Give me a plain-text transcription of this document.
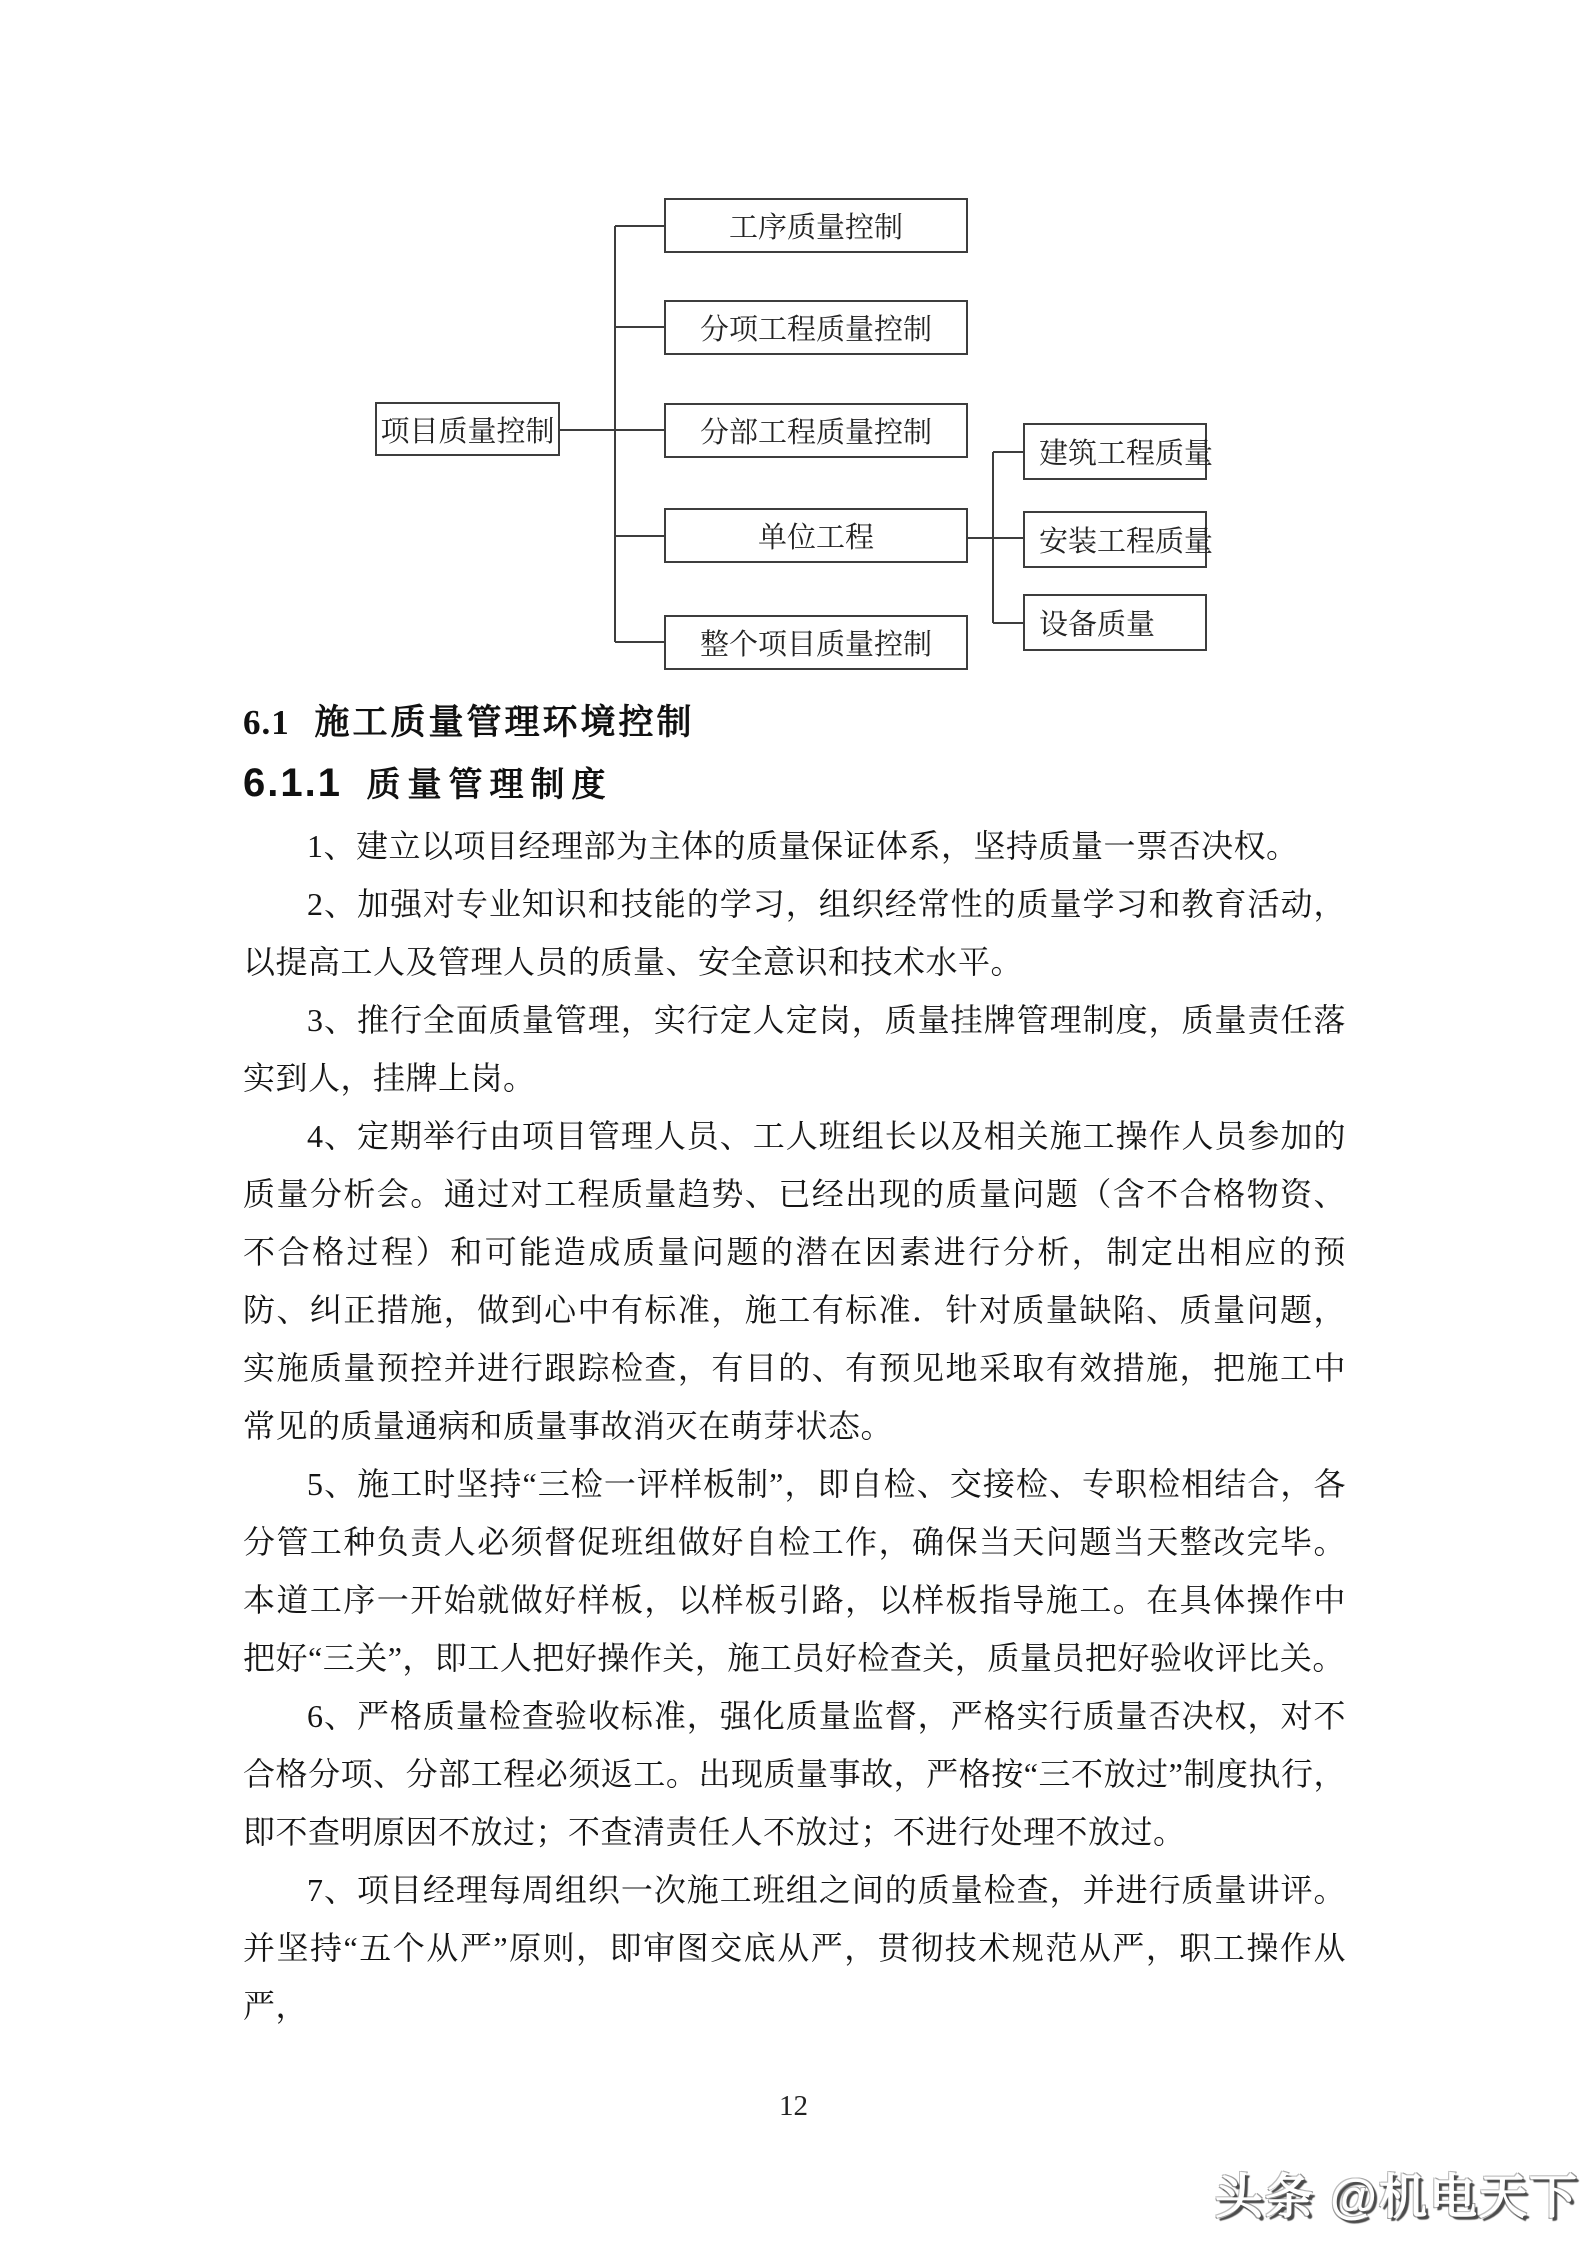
项目质量控制
工序质量控制
分项工程质量控制
分部工程质量控制
单位工程
整个项目质量控制
建筑工程质量
安装工程质量
设备质量
6.1 施工质量管理环境控制
6.1.1 质量管理制度

1、建立以项目经理部为主体的质量保证体系，坚持质量一票否决权。

2、加强对专业知识和技能的学习，组织经常性的质量学习和教育活动，以提高工人及管理人员的质量、安全意识和技术水平。

3、推行全面质量管理，实行定人定岗，质量挂牌管理制度，质量责任落实到人，挂牌上岗。

4、定期举行由项目管理人员、工人班组长以及相关施工操作人员参加的质量分析会。通过对工程质量趋势、已经出现的质量问题（含不合格物资、不合格过程）和可能造成质量问题的潜在因素进行分析，制定出相应的预防、纠正措施，做到心中有标准，施工有标准．针对质量缺陷、质量问题，实施质量预控并进行跟踪检查，有目的、有预见地采取有效措施，把施工中常见的质量通病和质量事故消灭在萌芽状态。

5、施工时坚持“三检一评样板制”，即自检、交接检、专职检相结合，各分管工种负责人必须督促班组做好自检工作，确保当天问题当天整改完毕。本道工序一开始就做好样板，以样板引路，以样板指导施工。在具体操作中把好“三关”，即工人把好操作关，施工员好检查关，质量员把好验收评比关。

6、严格质量检查验收标准，强化质量监督，严格实行质量否决权，对不合格分项、分部工程必须返工。出现质量事故，严格按“三不放过”制度执行，即不查明原因不放过；不查清责任人不放过；不进行处理不放过。

7、项目经理每周组织一次施工班组之间的质量检查，并进行质量讲评。并坚持“五个从严”原则，即审图交底从严，贯彻技术规范从严，职工操作从严，

12
头条 @机电天下
